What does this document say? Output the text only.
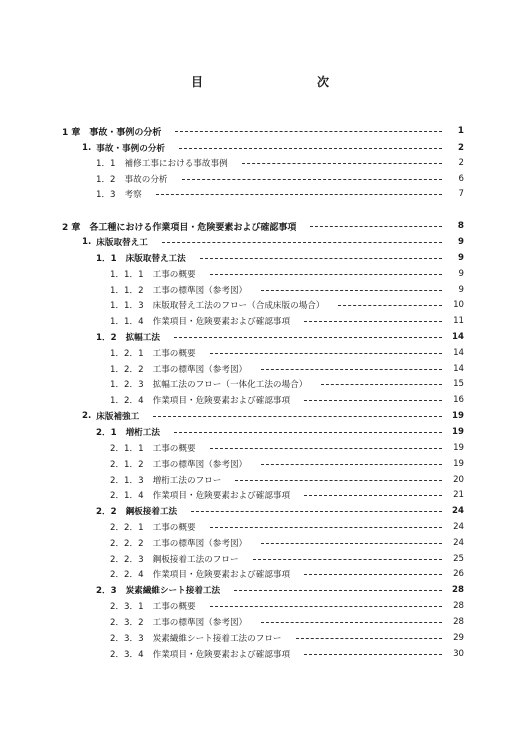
目　　次
1 章 事故・事例の分析	1
1. 事故・事例の分析	2
1．1 補修工事における事故事例	2
1．2 事故の分析	6
1．3 考察	7
2 章 各工種における作業項目・危険要素および確認事項	8
1. 床版取替え工	9
1．1 床版取替え工法	9
1．1．1 工事の概要	9
1．1．2 工事の標準図（参考図）	9
1．1．3 床版取替え工法のフロー（合成床版の場合）	10
1．1．4 作業項目・危険要素および確認事項	11
1．2 拡幅工法	14
1．2．1 工事の概要	14
1．2．2 工事の標準図（参考図）	14
1．2．3 拡幅工法のフロー（一体化工法の場合）	15
1．2．4 作業項目・危険要素および確認事項	16
2. 床版補強工	19
2．1 増桁工法	19
2．1．1 工事の概要	19
2．1．2 工事の標準図（参考図）	19
2．1．3 増桁工法のフロー	20
2．1．4 作業項目・危険要素および確認事項	21
2．2 鋼板接着工法	24
2．2．1 工事の概要	24
2．2．2 工事の標準図（参考図）	24
2．2．3 鋼板接着工法のフロー	25
2．2．4 作業項目・危険要素および確認事項	26
2．3 炭素繊維シート接着工法	28
2．3．1 工事の概要	28
2．3．2 工事の標準図（参考図）	28
2．3．3 炭素繊維シート接着工法のフロー	29
2．3．4 作業項目・危険要素および確認事項	30
